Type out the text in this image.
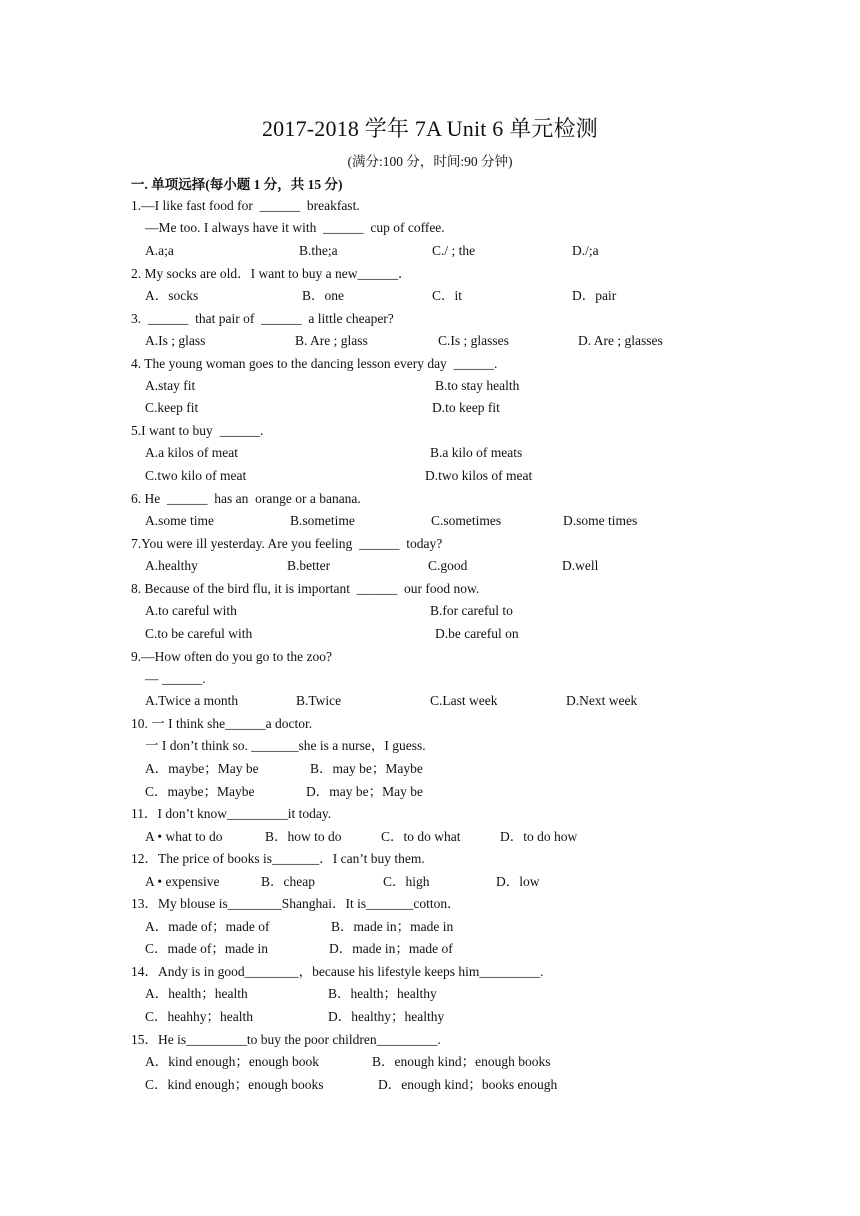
2017-2018 学年 7A Unit 6 单元检测
(满分:100 分，时间:90 分钟)
一. 单项远择(每小题 1 分，共 15 分)
1.—I like fast food for  ______  breakfast.
—Me too. I always have it with  ______  cup of coffee.
A.a;a	B.the;a	C./ ; the	D./;a
2. My socks are old．I want to buy a new______．
A．socks	B．one	C．it	D．pair
3.  ______  that pair of  ______  a little cheaper?
A.Is ; glass	B. Are ; glass	C.Is ; glasses	D. Are ; glasses
4. The young woman goes to the dancing lesson every day  ______.
A.stay fit	B.to stay health
C.keep fit	D.to keep fit
5.I want to buy  ______.
A.a kilos of meat	B.a kilo of meats
C.two kilo of meat	D.two kilos of meat
6. He  ______  has an  orange or a banana.
A.some time	B.sometime	C.sometimes	D.some times
7.You were ill yesterday. Are you feeling  ______  today?
A.healthy	B.better	C.good	D.well
8. Because of the bird flu, it is important  ______  our food now.
A.to careful with	B.for careful to
C.to be careful with	D.be careful on
9.—How often do you go to the zoo?
— ______.
A.Twice a month	B.Twice	C.Last week	D.Next week
10. 一 I think she______a doctor.
一 I don’t think so. _______she is a nurse，I guess.
A．maybe；May be	B．may be；Maybe
C．maybe；Maybe	D．may be；May be
11．I don’t know_________it today.
A • what to do	B．how to do	C．to do what	D．to do how
12．The price of books is_______．I can’t buy them.
A • expensive	B．cheap	C．high	D．low
13．My blouse is________Shanghai．It is_______cotton．
A．made of；made of	B．made in；made in
C．made of；made in	D．made in；made of
14．Andy is in good________，because his lifestyle keeps him_________.
A．health；health	B．health；healthy
C．heahhy；health	D．healthy；healthy
15．He is_________to buy the poor children_________.
A．kind enough；enough book	B．enough kind；enough books
C．kind enough；enough books	D．enough kind；books enough
